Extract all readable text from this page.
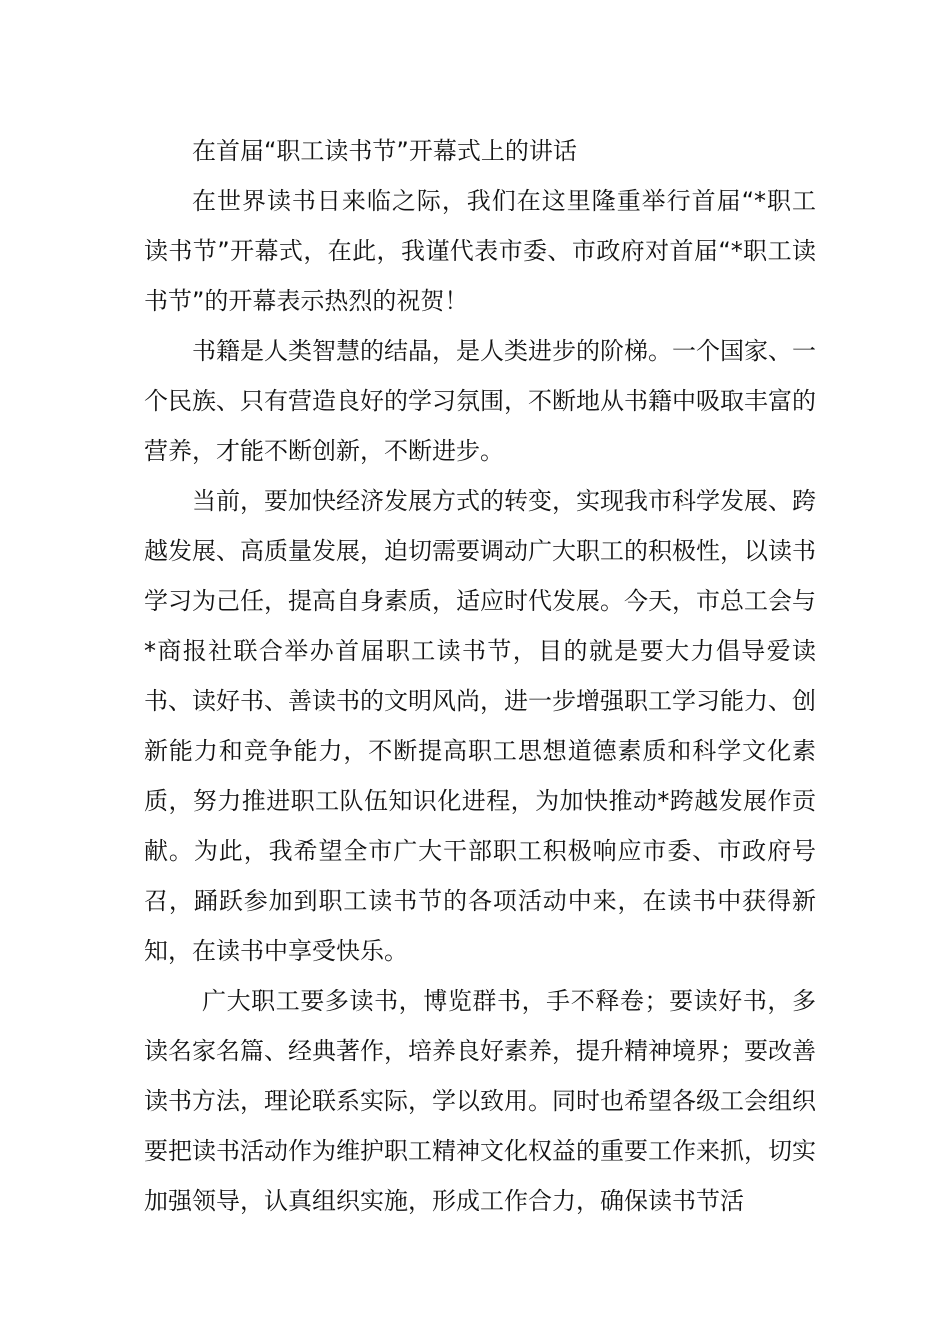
在首届“职工读书节”开幕式上的讲话

在世界读书日来临之际，我们在这里隆重举行首届“*职工读书节”开幕式，在此，我谨代表市委、市政府对首届“*职工读书节”的开幕表示热烈的祝贺！

书籍是人类智慧的结晶，是人类进步的阶梯。一个国家、一个民族、只有营造良好的学习氛围，不断地从书籍中吸取丰富的营养，才能不断创新，不断进步。

当前，要加快经济发展方式的转变，实现我市科学发展、跨越发展、高质量发展，迫切需要调动广大职工的积极性，以读书学习为己任，提高自身素质，适应时代发展。今天，市总工会与*商报社联合举办首届职工读书节，目的就是要大力倡导爱读书、读好书、善读书的文明风尚，进一步增强职工学习能力、创新能力和竞争能力，不断提高职工思想道德素质和科学文化素质，努力推进职工队伍知识化进程，为加快推动*跨越发展作贡献。为此，我希望全市广大干部职工积极响应市委、市政府号召，踊跃参加到职工读书节的各项活动中来，在读书中获得新知，在读书中享受快乐。

广大职工要多读书，博览群书，手不释卷；要读好书，多读名家名篇、经典著作，培养良好素养，提升精神境界；要改善读书方法，理论联系实际，学以致用。同时也希望各级工会组织要把读书活动作为维护职工精神文化权益的重要工作来抓，切实加强领导，认真组织实施，形成工作合力，确保读书节活
